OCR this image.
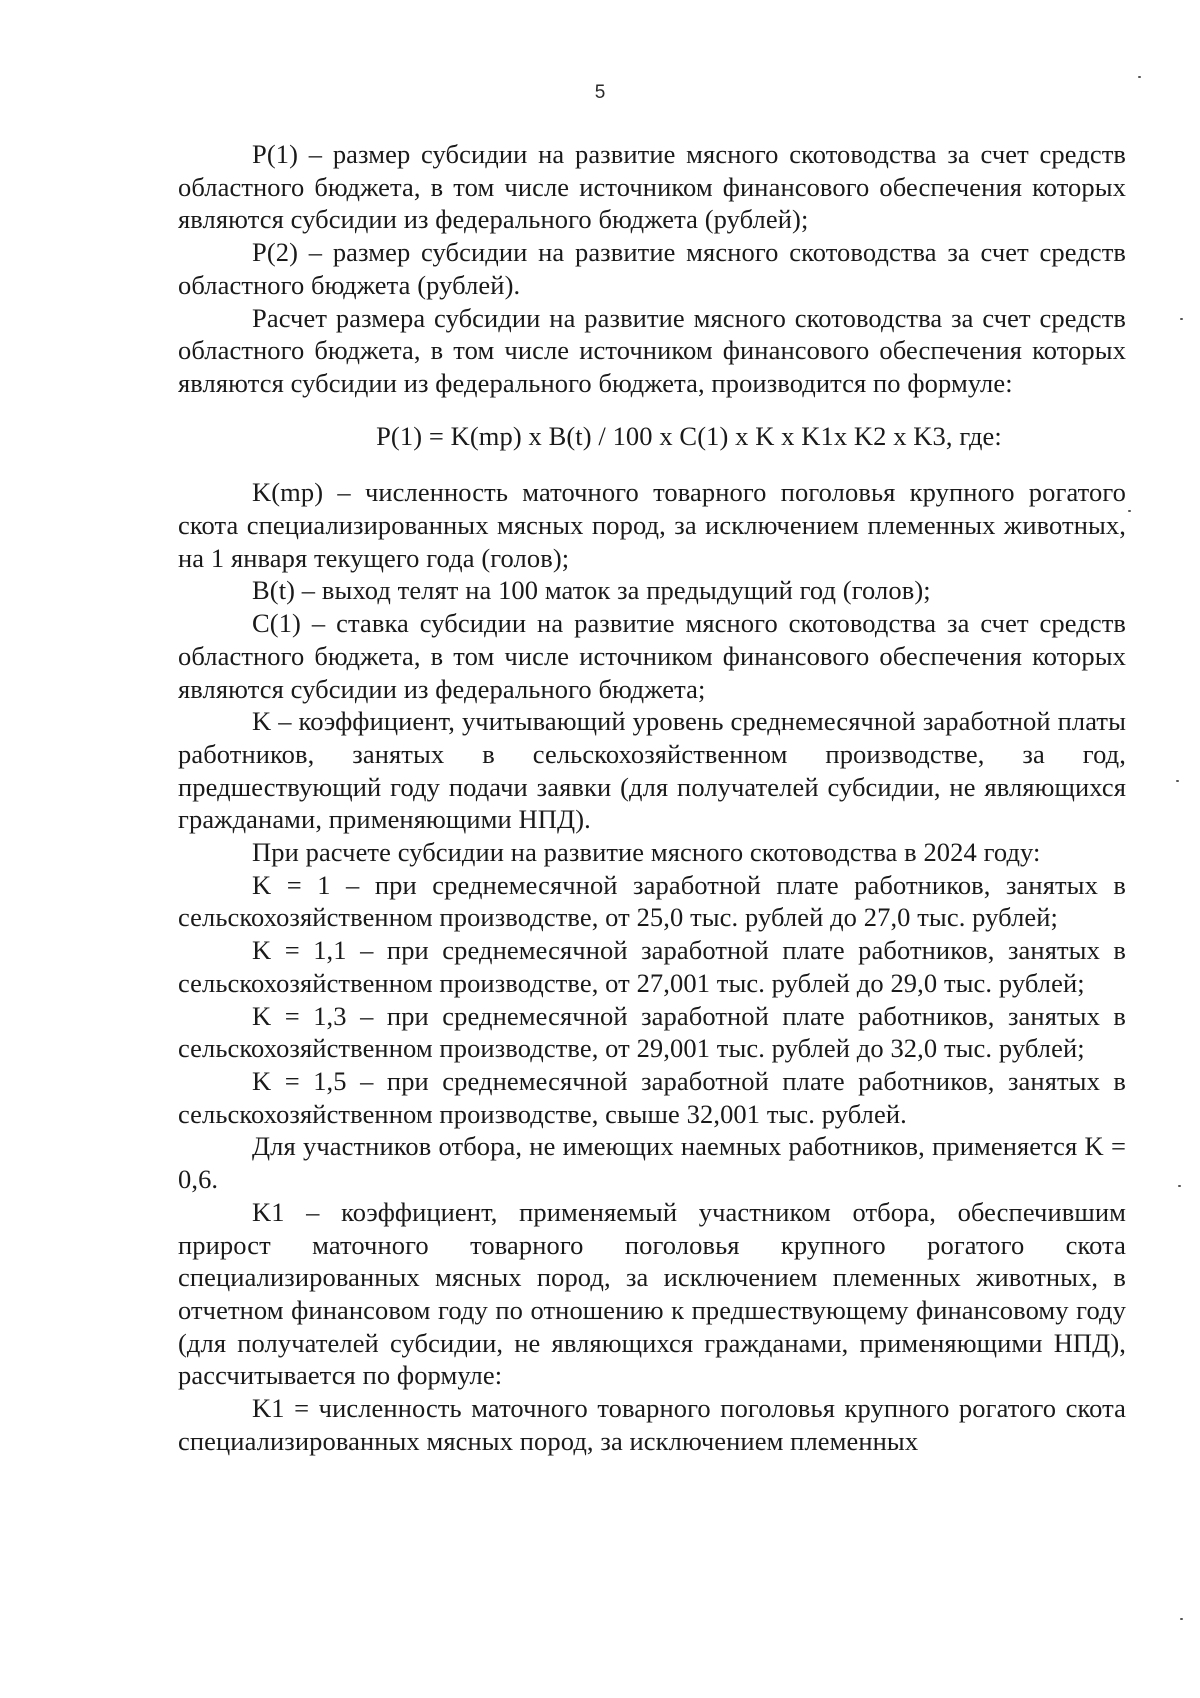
5

P(1) – размер субсидии на развитие мясного скотоводства за счет средств областного бюджета, в том числе источником финансового обеспечения которых являются субсидии из федерального бюджета (рублей);

P(2) – размер субсидии на развитие мясного скотоводства за счет средств областного бюджета (рублей).

Расчет размера субсидии на развитие мясного скотоводства за счет средств областного бюджета, в том числе источником финансового обеспечения которых являются субсидии из федерального бюджета, производится по формуле:

P(1) = K(mp) x B(t) / 100 x C(1) x K x K1x K2 x K3, где:

K(mp) – численность маточного товарного поголовья крупного рогатого скота специализированных мясных пород, за исключением племенных животных, на 1 января текущего года (голов);

B(t) – выход телят на 100 маток за предыдущий год (голов);

C(1) – ставка субсидии на развитие мясного скотоводства за счет средств областного бюджета, в том числе источником финансового обеспечения которых являются субсидии из федерального бюджета;

K – коэффициент, учитывающий уровень среднемесячной заработной платы работников, занятых в сельскохозяйственном производстве, за год, предшествующий году подачи заявки (для получателей субсидии, не являющихся гражданами, применяющими НПД).

При расчете субсидии на развитие мясного скотоводства в 2024 году:

K = 1 – при среднемесячной заработной плате работников, занятых в сельскохозяйственном производстве, от 25,0 тыс. рублей до 27,0 тыс. рублей;

K = 1,1 – при среднемесячной заработной плате работников, занятых в сельскохозяйственном производстве, от 27,001 тыс. рублей до 29,0 тыс. рублей;

K = 1,3 – при среднемесячной заработной плате работников, занятых в сельскохозяйственном производстве, от 29,001 тыс. рублей до 32,0 тыс. рублей;

K = 1,5 – при среднемесячной заработной плате работников, занятых в сельскохозяйственном производстве, свыше 32,001 тыс. рублей.

Для участников отбора, не имеющих наемных работников, применяется K = 0,6.

K1 – коэффициент, применяемый участником отбора, обеспечившим прирост маточного товарного поголовья крупного рогатого скота специализированных мясных пород, за исключением племенных животных, в отчетном финансовом году по отношению к предшествующему финансовому году (для получателей субсидии, не являющихся гражданами, применяющими НПД), рассчитывается по формуле:

K1 = численность маточного товарного поголовья крупного рогатого скота специализированных мясных пород, за исключением племенных
